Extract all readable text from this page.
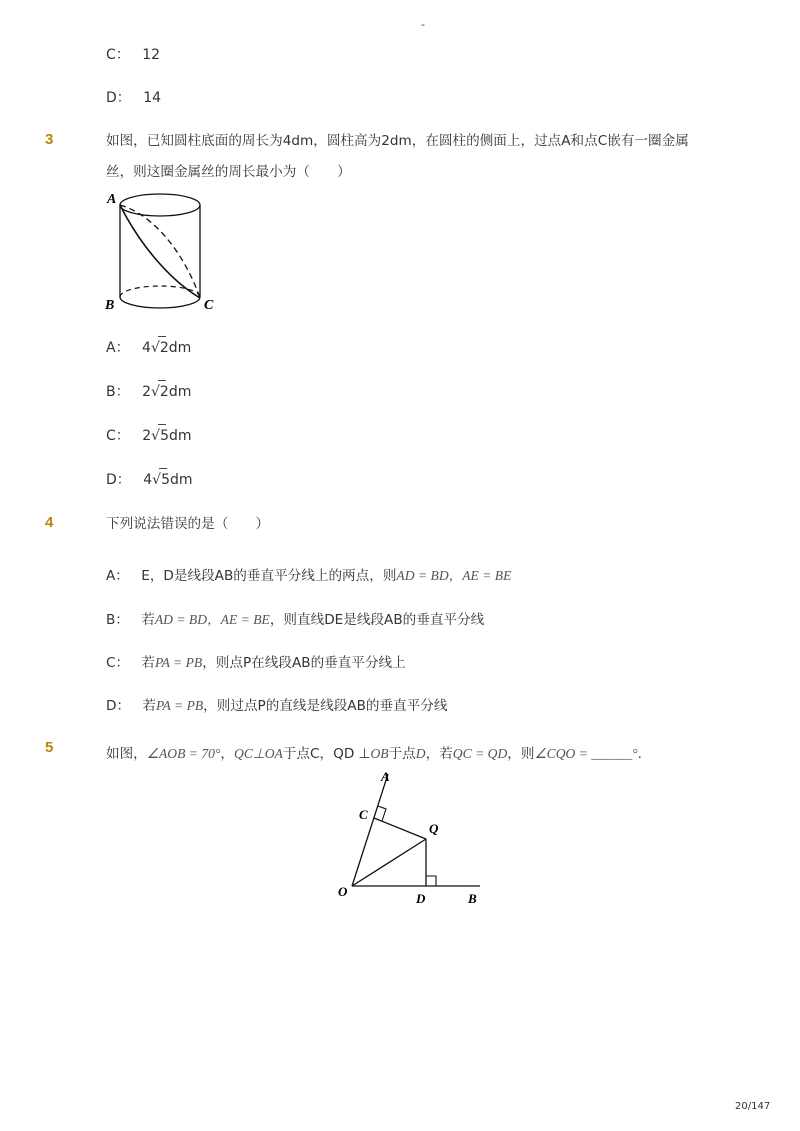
-
C： 12
D： 14
3	如图，已知圆柱底面的周长为4dm，圆柱高为2dm，在圆柱的侧面上，过点A和点C嵌有一圈金属
丝，则这圈金属丝的周长最小为（　　）
A
B	C
A： 4√
2dm
B： 2√
2dm
C： 2√
5dm
D： 4√
5dm
4	下列说法错误的是（　　）
A： E，D是线段AB的垂直平分线上的两点，则AD = BD，AE = BE
B： 若AD = BD，AE = BE，则直线DE是线段AB的垂直平分线
C： 若PA = PB，则点P在线段AB的垂直平分线上
D： 若PA = PB，则过点P的直线是线段AB的垂直平分线
5	如图，∠AOB = 70°，QC⊥OA于点C，QD ⊥OB于点D，若QC = QD，则∠CQO = ______°.
A
C
Q
O	D	B
20/147
